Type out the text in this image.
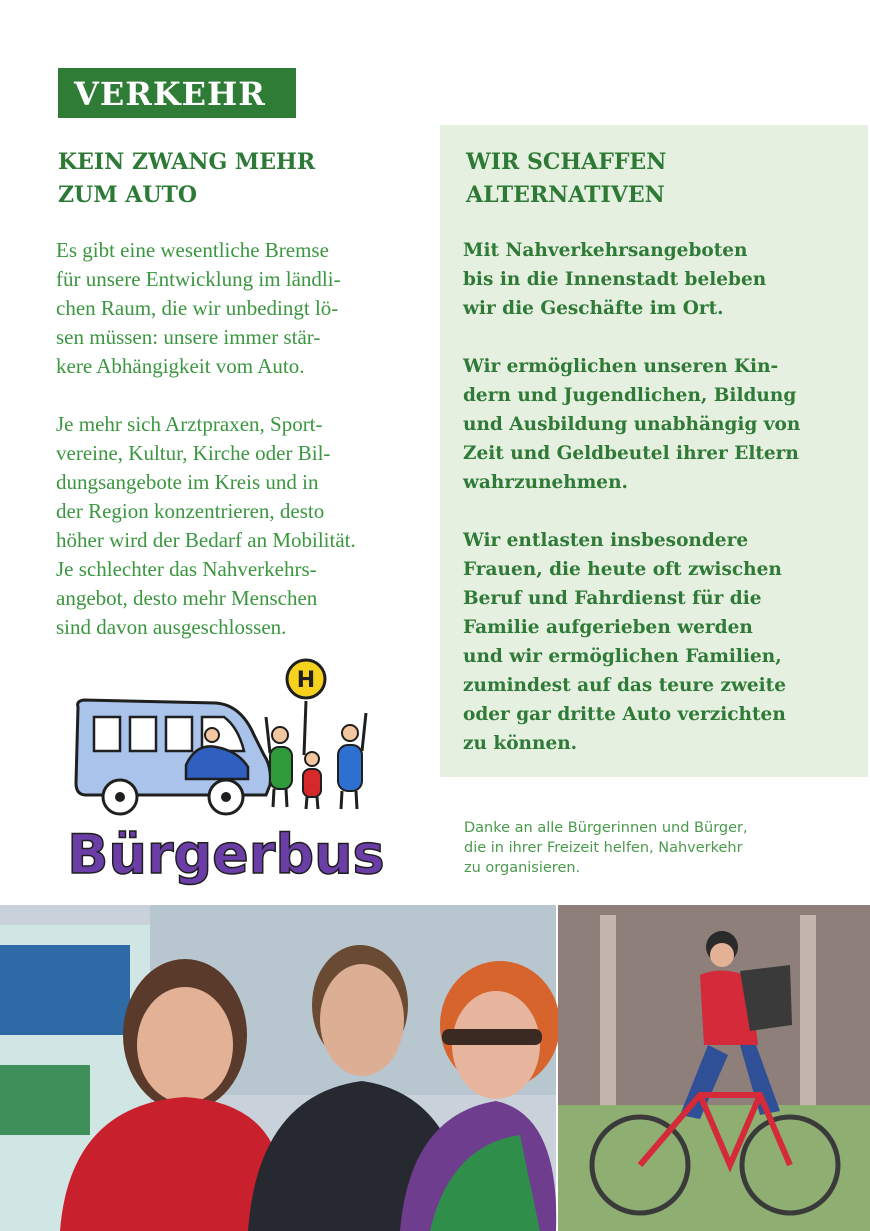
VERKEHR
KEIN ZWANG MEHR
ZUM AUTO
Es gibt eine wesentliche Bremse
für unsere Entwicklung im ländli-
chen Raum, die wir unbedingt lö-
sen müssen: unsere immer stär-
kere Abhängigkeit vom Auto.
Je mehr sich Arztpraxen, Sport-
vereine, Kultur, Kirche oder Bil-
dungsangebote im Kreis und in
der Region konzentrieren, desto
höher wird der Bedarf an Mobilität.
Je schlechter das Nahverkehrs-
angebot, desto mehr Menschen
sind davon ausgeschlossen.
WIR SCHAFFEN
ALTERNATIVEN
Mit Nahverkehrsangeboten
bis in die Innenstadt beleben
wir die Geschäfte im Ort.
Wir ermöglichen unseren Kin-
dern und Jugendlichen, Bildung
und Ausbildung unabhängig von
Zeit und Geldbeutel ihrer Eltern
wahrzunehmen.
Wir entlasten insbesondere
Frauen, die heute oft zwischen
Beruf und Fahrdienst für die
Familie aufgerieben werden
und wir ermöglichen Familien,
zumindest auf das teure zweite
oder gar dritte Auto verzichten
zu können.
Danke an alle Bürgerinnen und Bürger,
die in ihrer Freizeit helfen, Nahverkehr
zu organisieren.
H
Bürgerbus
